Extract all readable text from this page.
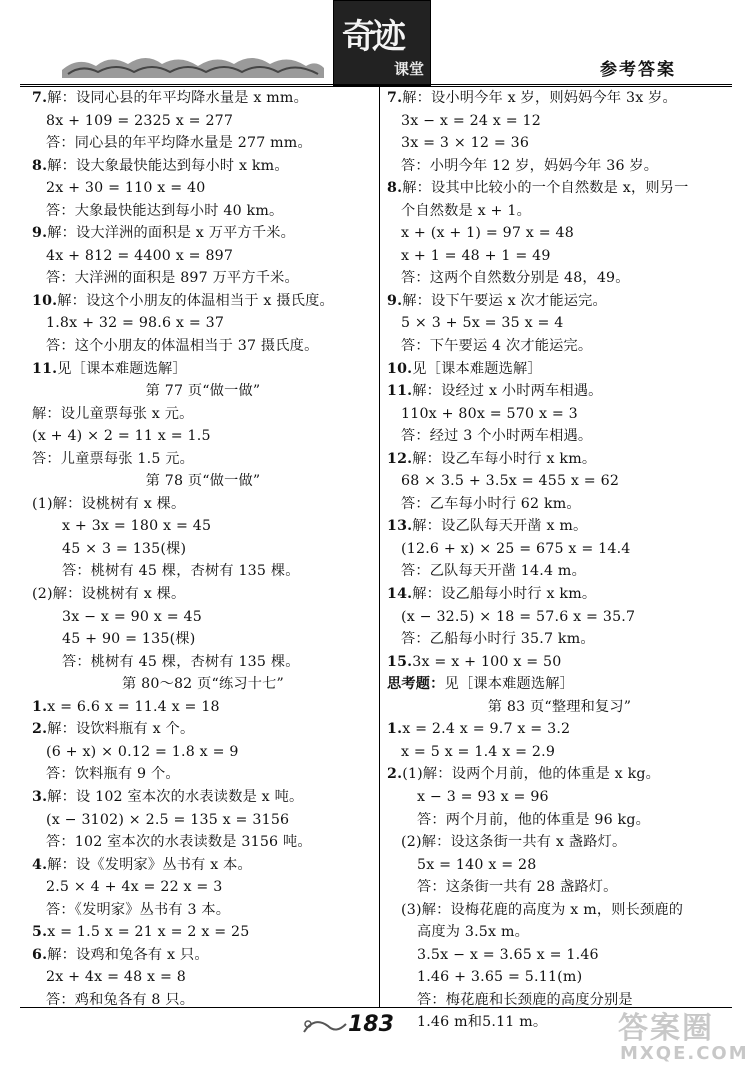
奇迹
课堂	参考答案
7.解：设同心县的年平均降水量是 x mm。
8x + 109 = 2325 x = 277
答：同心县的年平均降水量是 277 mm。
8.解：设大象最快能达到每小时 x km。
2x + 30 = 110 x = 40
答：大象最快能达到每小时 40 km。
9.解：设大洋洲的面积是 x 万平方千米。
4x + 812 = 4400 x = 897
答：大洋洲的面积是 897 万平方千米。
10.解：设这个小朋友的体温相当于 x 摄氏度。
1.8x + 32 = 98.6 x = 37
答：这个小朋友的体温相当于 37 摄氏度。
11.见［课本难题选解］
第 77 页“做一做”
解：设儿童票每张 x 元。
(x + 4) × 2 = 11 x = 1.5
答：儿童票每张 1.5 元。
第 78 页“做一做”
(1)解：设桃树有 x 棵。
x + 3x = 180 x = 45
45 × 3 = 135(棵)
答：桃树有 45 棵，杏树有 135 棵。
(2)解：设桃树有 x 棵。
3x − x = 90 x = 45
45 + 90 = 135(棵)
答：桃树有 45 棵，杏树有 135 棵。
第 80～82 页“练习十七”
1.x = 6.6 x = 11.4 x = 18
2.解：设饮料瓶有 x 个。
(6 + x) × 0.12 = 1.8 x = 9
答：饮料瓶有 9 个。
3.解：设 102 室本次的水表读数是 x 吨。
(x − 3102) × 2.5 = 135 x = 3156
答：102 室本次的水表读数是 3156 吨。
4.解：设《发明家》丛书有 x 本。
2.5 × 4 + 4x = 22 x = 3
答：《发明家》丛书有 3 本。
5.x = 1.5 x = 21 x = 2 x = 25
6.解：设鸡和兔各有 x 只。
2x + 4x = 48 x = 8
答：鸡和兔各有 8 只。
7.解：设小明今年 x 岁，则妈妈今年 3x 岁。
3x − x = 24 x = 12
3x = 3 × 12 = 36
答：小明今年 12 岁，妈妈今年 36 岁。
8.解：设其中比较小的一个自然数是 x，则另一
个自然数是 x + 1。
x + (x + 1) = 97 x = 48
x + 1 = 48 + 1 = 49
答：这两个自然数分别是 48，49。
9.解：设下午要运 x 次才能运完。
5 × 3 + 5x = 35 x = 4
答：下午要运 4 次才能运完。
10.见［课本难题选解］
11.解：设经过 x 小时两车相遇。
110x + 80x = 570 x = 3
答：经过 3 个小时两车相遇。
12.解：设乙车每小时行 x km。
68 × 3.5 + 3.5x = 455 x = 62
答：乙车每小时行 62 km。
13.解：设乙队每天开凿 x m。
(12.6 + x) × 25 = 675 x = 14.4
答：乙队每天开凿 14.4 m。
14.解：设乙船每小时行 x km。
(x − 32.5) × 18 = 57.6 x = 35.7
答：乙船每小时行 35.7 km。
15.3x = x + 100 x = 50
思考题：见［课本难题选解］
第 83 页“整理和复习”
1.x = 2.4 x = 9.7 x = 3.2
x = 5 x = 1.4 x = 2.9
2.(1)解：设两个月前，他的体重是 x kg。
x − 3 = 93 x = 96
答：两个月前，他的体重是 96 kg。
(2)解：设这条街一共有 x 盏路灯。
5x = 140 x = 28
答：这条街一共有 28 盏路灯。
(3)解：设梅花鹿的高度为 x m，则长颈鹿的
高度为 3.5x m。
3.5x − x = 3.65 x = 1.46
1.46 + 3.65 = 5.11(m)
答：梅花鹿和长颈鹿的高度分别是
1.46 m和5.11 m。
183	答案圈
MXQE.COM
